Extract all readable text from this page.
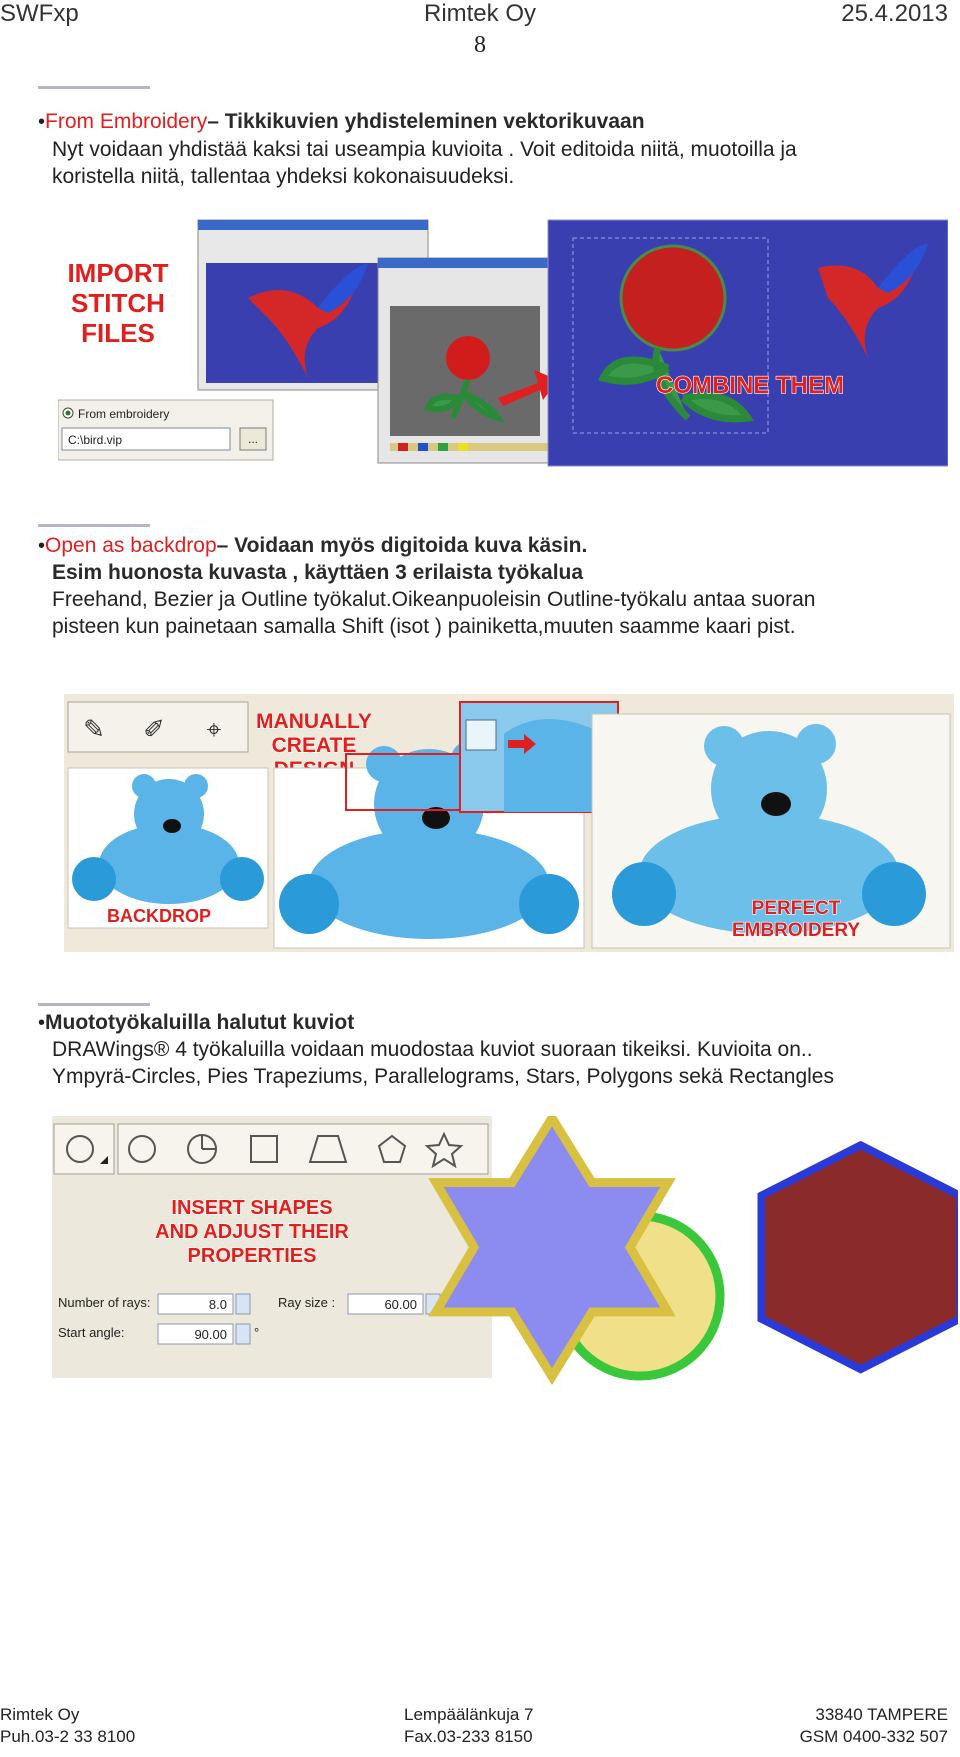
SWFxp	Rimtek Oy	25.4.2013
8
•From Embroidery– Tikkikuvien yhdisteleminen vektorikuvaan
Nyt voidaan yhdistää kaksi tai useampia kuvioita . Voit editoida niitä, muotoilla ja
koristella niitä, tallentaa yhdeksi kokonaisuudeksi.
IMPORT
STITCH
FILES
From embroidery
C:\bird.vip	...
COMBINE THEM
•Open as backdrop– Voidaan myös digitoida kuva käsin.
Esim huonosta kuvasta , käyttäen 3 erilaista työkalua
Freehand, Bezier ja Outline työkalut.Oikeanpuoleisin Outline-työkalu antaa suoran
pisteen kun painetaan samalla Shift (isot ) painiketta,muuten saamme kaari pist.
✎ ✐ ⌖ MANUALLY
CREATE
BACKDROP	PERFECT
EMBROIDERY
•Muototyökaluilla halutut kuviot
DRAWings® 4 työkaluilla voidaan muodostaa kuviot suoraan tikeiksi. Kuvioita on..
Ympyrä-Circles, Pies Trapeziums, Parallelograms, Stars, Polygons sekä Rectangles
INSERT SHAPES
AND ADJUST THEIR
PROPERTIES
Number of rays:	8.0	Ray size :	60.00
Start angle:	90.00 °
Rimtek Oy
Puh.03-2 33 8100
Lempäälänkuja 7
Fax.03-233 8150
33840 TAMPERE
GSM 0400-332 507
